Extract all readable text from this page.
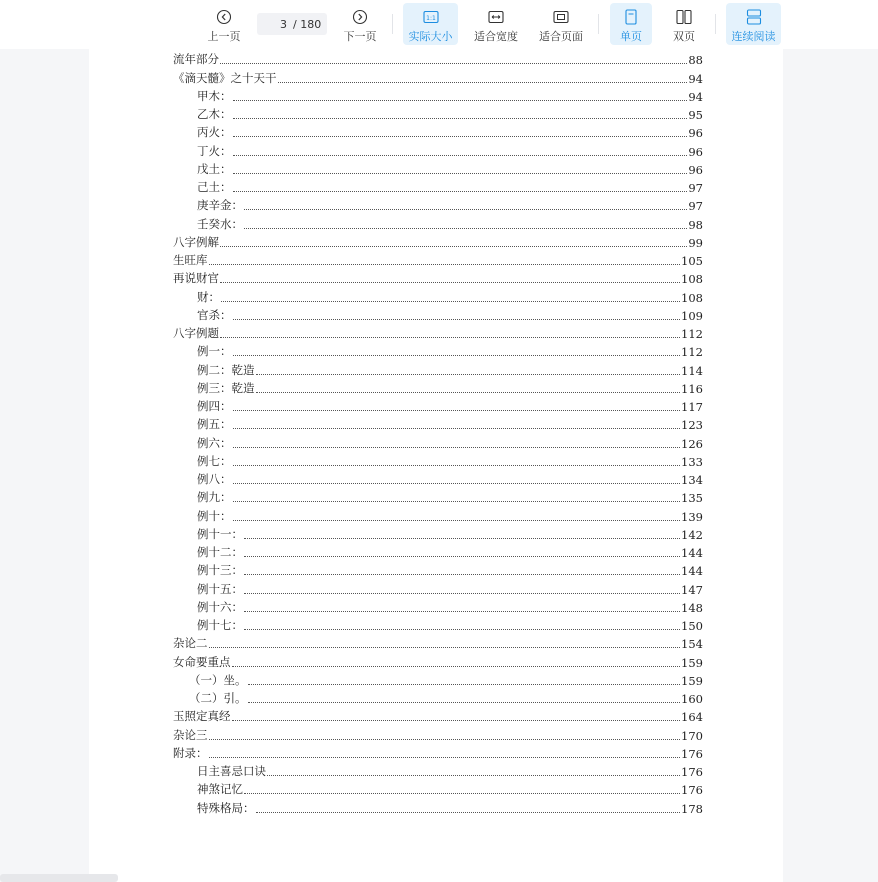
上一页
3 / 180
下一页
1:1
实际大小 适合宽度 适合页面	单页	双页	连续阅读
流年部分	88
《滴天髓》之十天干	94
甲木：	94
乙木：	95
丙火：	96
丁火：	96
戊土：	96
己土：	97
庚辛金：	97
壬癸水：	98
八字例解	99
生旺库	105
再说财官	108
财：	108
官杀：	109
八字例题	112
例一：	112
例二：乾造	114
例三：乾造	116
例四：	117
例五：	123
例六：	126
例七：	133
例八：	134
例九：	135
例十：	139
例十一：	142
例十二：	144
例十三：	144
例十五：	147
例十六：	148
例十七：	150
杂论二	154
女命要重点	159
（一）坐。	159
（二）引。	160
玉照定真经	164
杂论三	170
附录：	176
日主喜忌口诀	176
神煞记忆	176
特殊格局：	178
